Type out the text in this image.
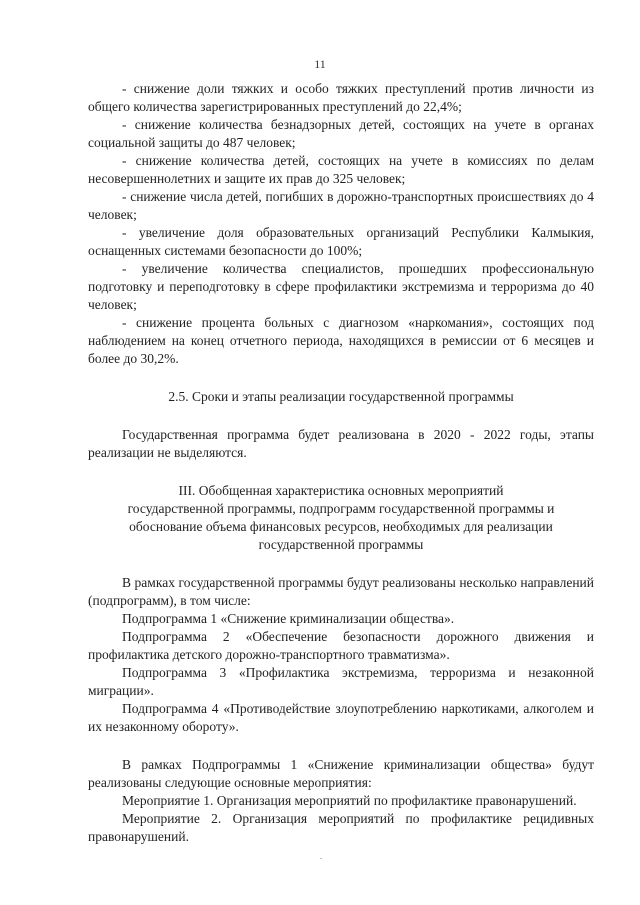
11

- снижение доли тяжких и особо тяжких преступлений против личности из общего количества зарегистрированных преступлений до 22,4%;

- снижение количества безнадзорных детей, состоящих на учете в органах социальной защиты до 487 человек;

- снижение количества детей, состоящих на учете в комиссиях по делам несовершеннолетних и защите их прав до 325 человек;

- снижение числа детей, погибших в дорожно-транспортных происшествиях до 4 человек;

- увеличение доля образовательных организаций Республики Калмыкия, оснащенных системами безопасности до 100%;

- увеличение количества специалистов, прошедших профессиональную подготовку и переподготовку в сфере профилактики экстремизма и терроризма до 40 человек;

- снижение процента больных с диагнозом «наркомания», состоящих под наблюдением на конец отчетного периода, находящихся в ремиссии от 6 месяцев и более до 30,2%.

2.5. Сроки и этапы реализации государственной программы

Государственная программа будет реализована в 2020 - 2022 годы, этапы реализации не выделяются.

III. Обобщенная характеристика основных мероприятий
государственной программы, подпрограмм государственной программы и
обоснование объема финансовых ресурсов, необходимых для реализации
государственной программы

В рамках государственной программы будут реализованы несколько направлений (подпрограмм), в том числе:

Подпрограмма 1 «Снижение криминализации общества».

Подпрограмма 2 «Обеспечение безопасности дорожного движения и профилактика детского дорожно-транспортного травматизма».

Подпрограмма 3 «Профилактика экстремизма, терроризма и незаконной миграции».

Подпрограмма 4 «Противодействие злоупотреблению наркотиками, алкоголем и их незаконному обороту».

В рамках Подпрограммы 1 «Снижение криминализации общества» будут реализованы следующие основные мероприятия:

Мероприятие 1. Организация мероприятий по профилактике правонарушений.

Мероприятие 2. Организация мероприятий по профилактике рецидивных правонарушений.
